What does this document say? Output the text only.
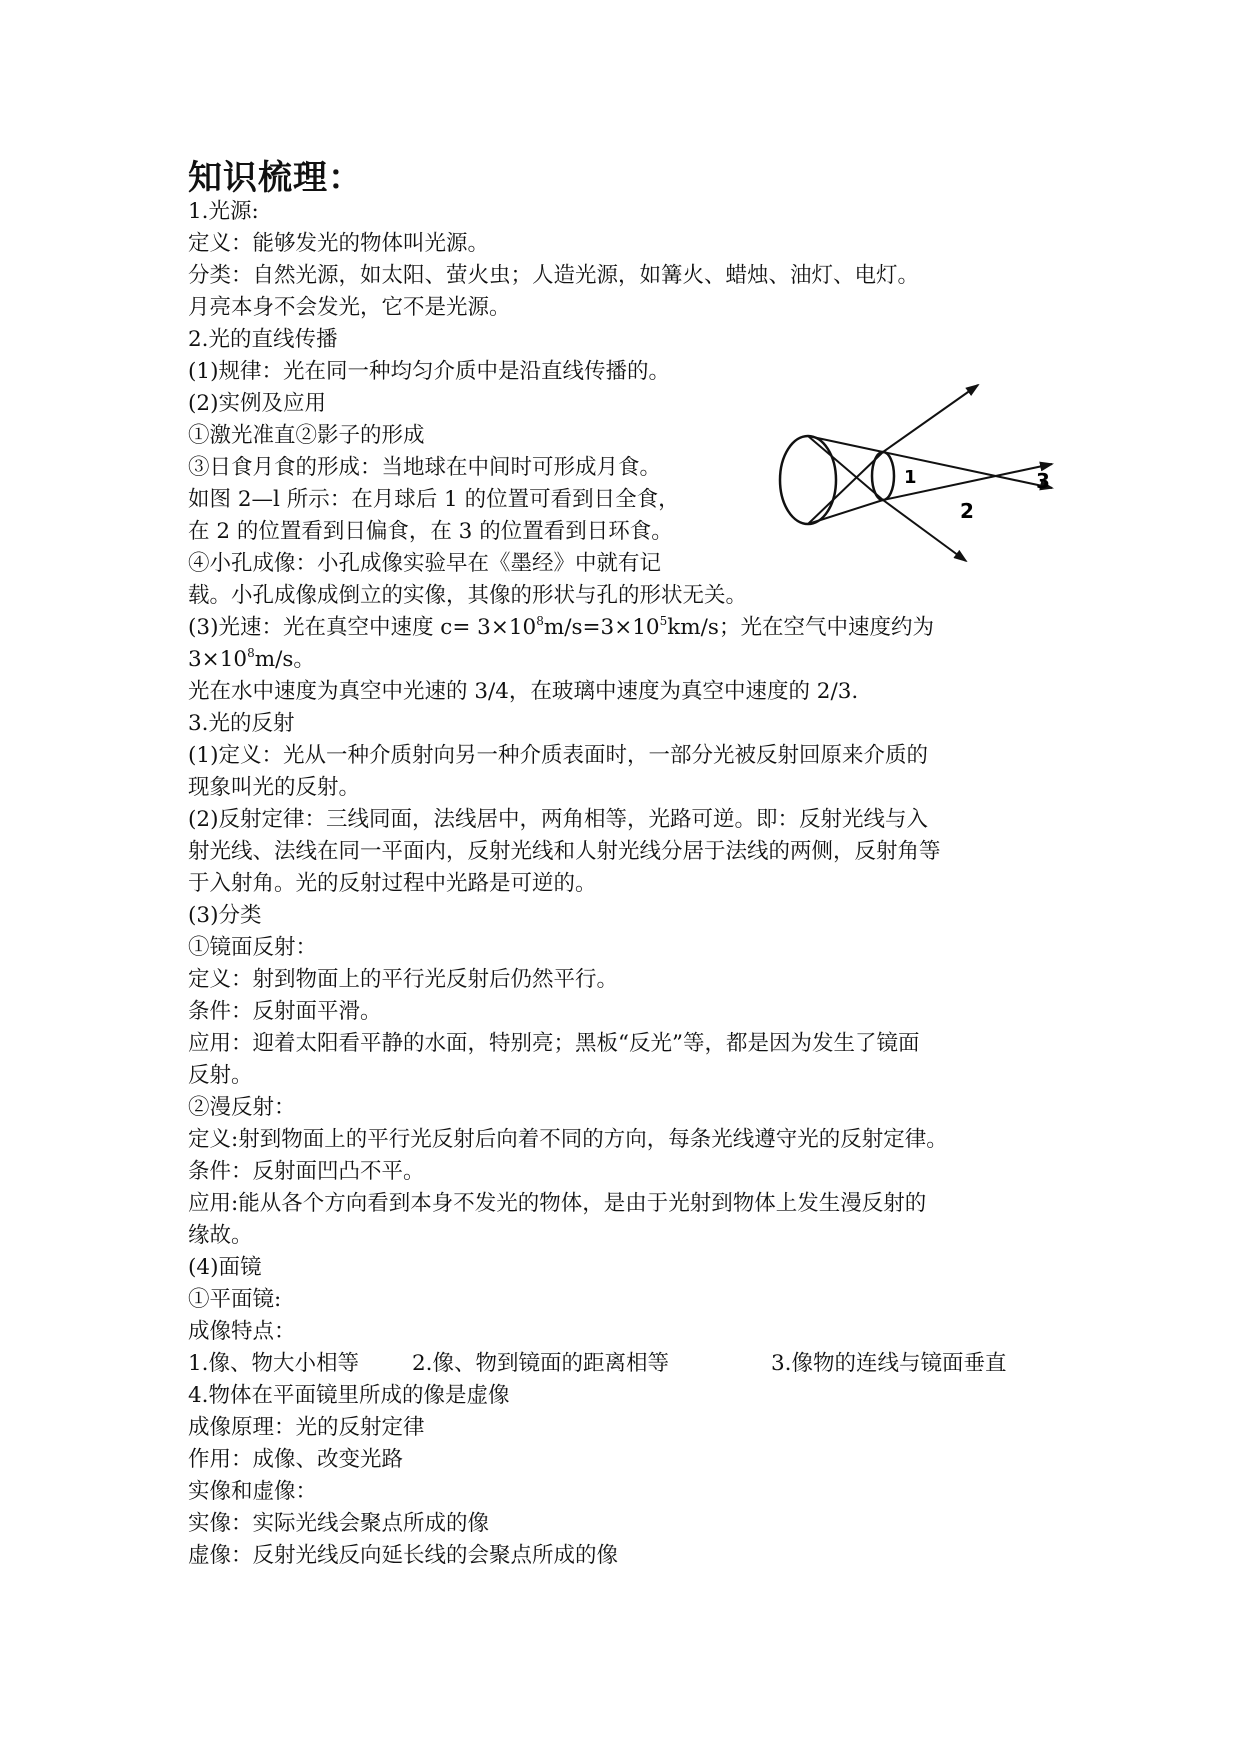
知识梳理：
1.光源:
定义：能够发光的物体叫光源。
分类：自然光源，如太阳、萤火虫；人造光源，如篝火、蜡烛、油灯、电灯。
月亮本身不会发光，它不是光源。
2.光的直线传播
(1)规律：光在同一种均匀介质中是沿直线传播的。
(2)实例及应用
①激光准直②影子的形成
③日食月食的形成：当地球在中间时可形成月食。
如图 2—l 所示：在月球后 1 的位置可看到日全食，
在 2 的位置看到日偏食，在 3 的位置看到日环食。
④小孔成像：小孔成像实验早在《墨经》中就有记
载。小孔成像成倒立的实像，其像的形状与孔的形状无关。
(3)光速：光在真空中速度 $c= 3\times 10^8m/s=3\times 10^5km/s$；光在空气中速度约为
$3\times 10^8m/s$。
光在水中速度为真空中光速的 3/4，在玻璃中速度为真空中速度的 2/3.
1
2
3
3.光的反射
(1)定义：光从一种介质射向另一种介质表面时，一部分光被反射回原来介质的
现象叫光的反射。
(2)反射定律：三线同面，法线居中，两角相等，光路可逆。即：反射光线与入
射光线、法线在同一平面内，反射光线和人射光线分居于法线的两侧，反射角等
于入射角。光的反射过程中光路是可逆的。
(3)分类
①镜面反射：
定义：射到物面上的平行光反射后仍然平行。
条件：反射面平滑。
应用：迎着太阳看平静的水面，特别亮；黑板“反光”等，都是因为发生了镜面
反射。
②漫反射：
定义:射到物面上的平行光反射后向着不同的方向，每条光线遵守光的反射定律。
条件：反射面凹凸不平。
应用:能从各个方向看到本身不发光的物体，是由于光射到物体上发生漫反射的
缘故。
(4)面镜
①平面镜:
成像特点：
1.像、物大小相等 2.像、物到镜面的距离相等	3.像物的连线与镜面垂直
4.物体在平面镜里所成的像是虚像
成像原理：光的反射定律
作用：成像、改变光路
实像和虚像：
实像：实际光线会聚点所成的像
虚像：反射光线反向延长线的会聚点所成的像
